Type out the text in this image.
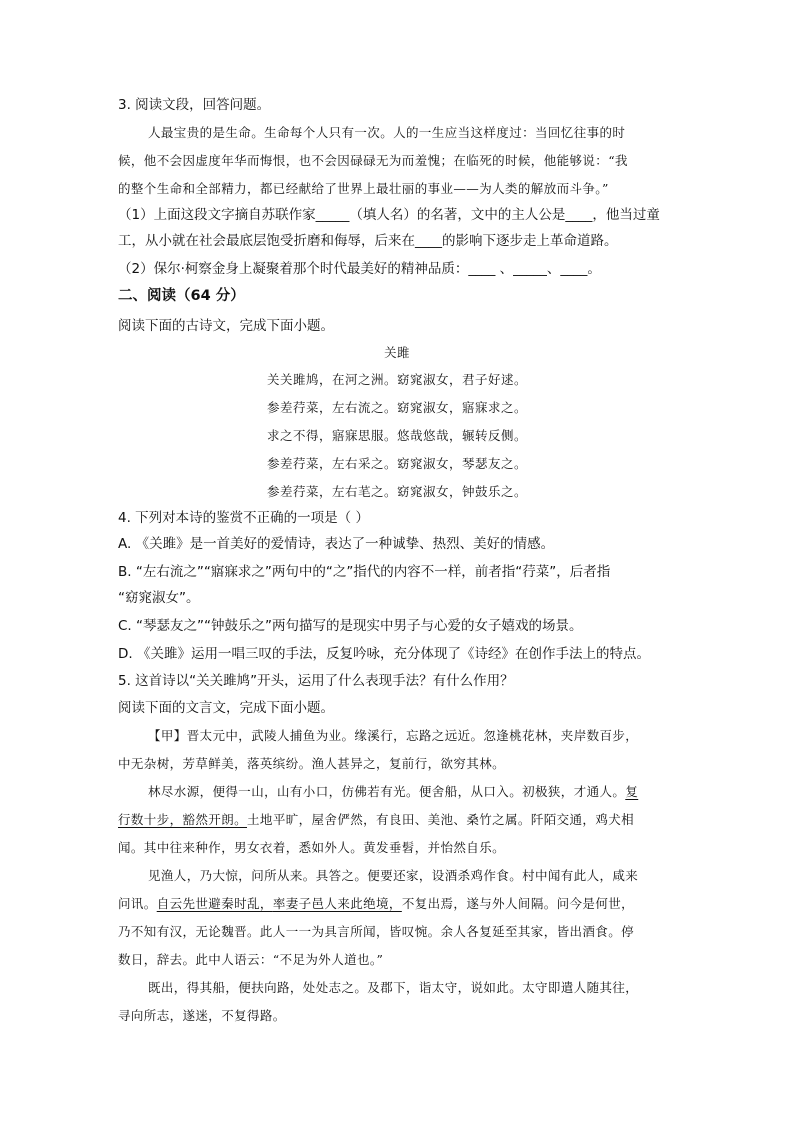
3. 阅读文段，回答问题。
人最宝贵的是生命。生命每个人只有一次。人的一生应当这样度过：当回忆往事的时
候，他不会因虚度年华而悔恨，也不会因碌碌无为而羞愧；在临死的时候，他能够说：“我
的整个生命和全部精力，都已经献给了世界上最壮丽的事业——为人类的解放而斗争。”
（1）上面这段文字摘自苏联作家_____（填人名）的名著，文中的主人公是____，他当过童
工，从小就在社会最底层饱受折磨和侮辱，后来在____的影响下逐步走上革命道路。
（2）保尔·柯察金身上凝聚着那个时代最美好的精神品质：____ 、_____、____。
二、阅读（64 分）
阅读下面的古诗文，完成下面小题。
关雎
关关雎鸠，在河之洲。窈窕淑女，君子好逑。
参差荇菜，左右流之。窈窕淑女，寤寐求之。
求之不得，寤寐思服。悠哉悠哉，辗转反侧。
参差荇菜，左右采之。窈窕淑女，琴瑟友之。
参差荇菜，左右芼之。窈窕淑女，钟鼓乐之。
4. 下列对本诗的鉴赏不正确的一项是（ ）
A. 《关雎》是一首美好的爱情诗，表达了一种诚挚、热烈、美好的情感。
B. “左右流之”“寤寐求之”两句中的“之”指代的内容不一样，前者指“荇菜”，后者指
“窈窕淑女”。
C. “琴瑟友之”“钟鼓乐之”两句描写的是现实中男子与心爱的女子嬉戏的场景。
D. 《关雎》运用一唱三叹的手法，反复吟咏，充分体现了《诗经》在创作手法上的特点。
5. 这首诗以“关关雎鸠”开头，运用了什么表现手法？有什么作用？
阅读下面的文言文，完成下面小题。
【甲】晋太元中，武陵人捕鱼为业。缘溪行，忘路之远近。忽逢桃花林，夹岸数百步，
中无杂树，芳草鲜美，落英缤纷。渔人甚异之，复前行，欲穷其林。
林尽水源，便得一山，山有小口，仿佛若有光。便舍船，从口入。初极狭，才通人。复
行数十步，豁然开朗。土地平旷，屋舍俨然，有良田、美池、桑竹之属。阡陌交通，鸡犬相
闻。其中往来种作，男女衣着，悉如外人。黄发垂髫，并怡然自乐。
见渔人，乃大惊，问所从来。具答之。便要还家，设酒杀鸡作食。村中闻有此人，咸来
问讯。自云先世避秦时乱，率妻子邑人来此绝境，不复出焉，遂与外人间隔。问今是何世，
乃不知有汉，无论魏晋。此人一一为具言所闻，皆叹惋。余人各复延至其家，皆出酒食。停
数日，辞去。此中人语云：“不足为外人道也。”
既出，得其船，便扶向路，处处志之。及郡下，诣太守，说如此。太守即遣人随其往，
寻向所志，遂迷，不复得路。
